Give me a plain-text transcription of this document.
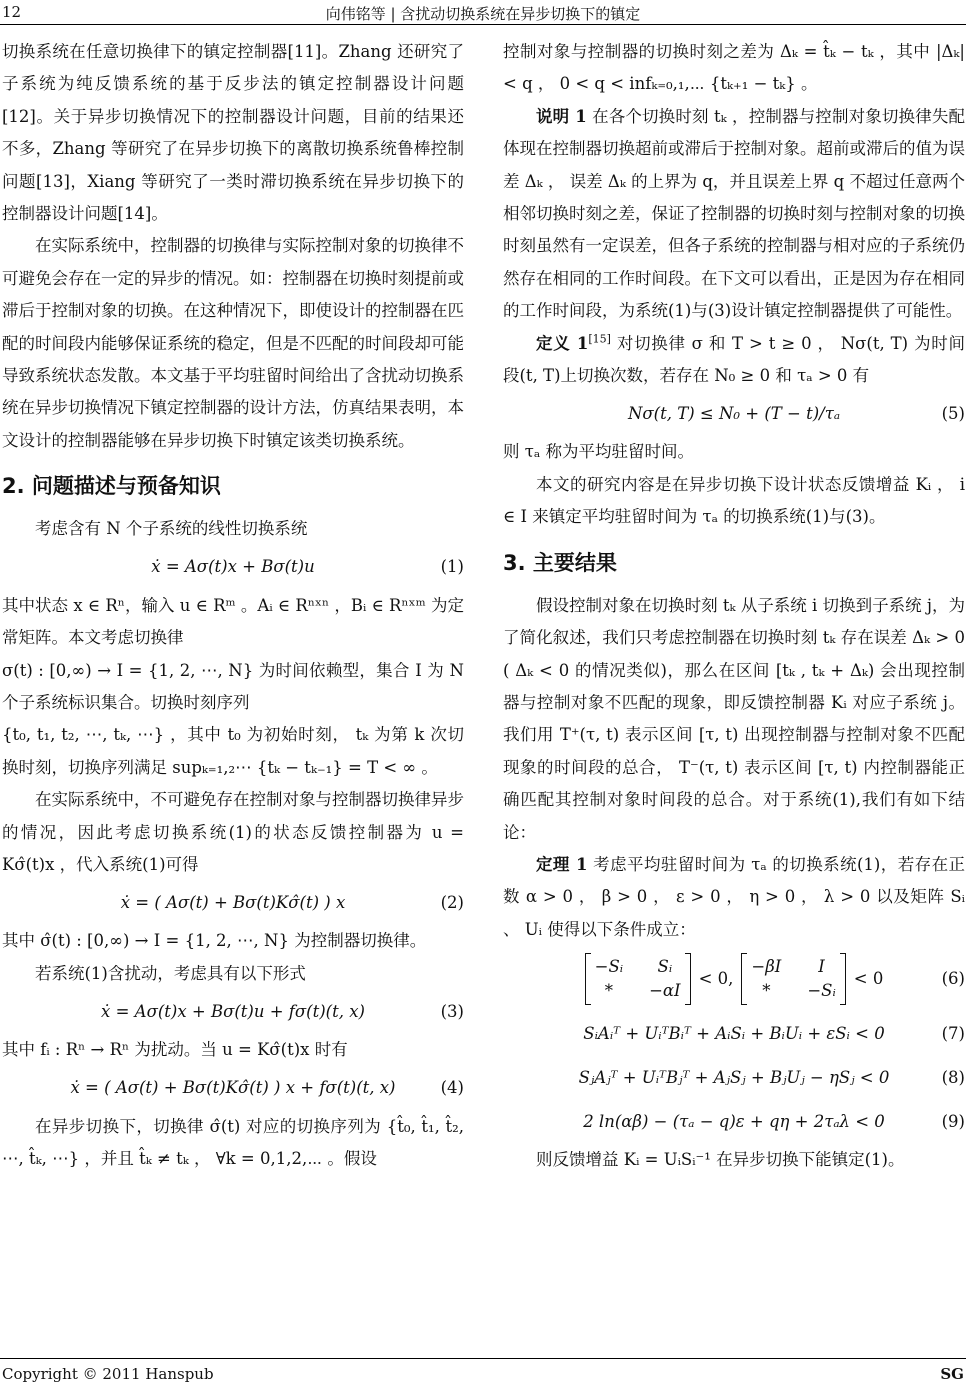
12	向伟铭等 | 含扰动切换系统在异步切换下的镇定

切换系统在任意切换律下的镇定控制器[11]。Zhang 还研究了子系统为纯反馈系统的基于反步法的镇定控制器设计问题[12]。关于异步切换情况下的控制器设计问题，目前的结果还不多，Zhang 等研究了在异步切换下的离散切换系统鲁棒控制问题[13]，Xiang 等研究了一类时滞切换系统在异步切换下的控制器设计问题[14]。

在实际系统中，控制器的切换律与实际控制对象的切换律不可避免会存在一定的异步的情况。如：控制器在切换时刻提前或滞后于控制对象的切换。在这种情况下，即使设计的控制器在匹配的时间段内能够保证系统的稳定，但是不匹配的时间段却可能导致系统状态发散。本文基于平均驻留时间给出了含扰动切换系统在异步切换情况下镇定控制器的设计方法，仿真结果表明，本文设计的控制器能够在异步切换下时镇定该类切换系统。

2. 问题描述与预备知识

考虑含有 N 个子系统的线性切换系统

ẋ = Aσ(t)x + Bσ(t)u	(1)

其中状态 x ∈ Rⁿ，输入 u ∈ Rᵐ 。Aᵢ ∈ Rⁿˣⁿ ，Bᵢ ∈ Rⁿˣᵐ 为定常矩阵。本文考虑切换律

σ(t) : [0,∞) → I = {1, 2, ⋯, N} 为时间依赖型，集合 I 为 N 个子系统标识集合。切换时刻序列

{t₀, t₁, t₂, ⋯, tₖ, ⋯} ，其中 t₀ 为初始时刻， tₖ 为第 k 次切换时刻，切换序列满足 supₖ₌₁,₂⋯ {tₖ − tₖ₋₁} = T < ∞ 。

在实际系统中，不可避免存在控制对象与控制器切换律异步的情况，因此考虑切换系统(1)的状态反馈控制器为 u = Kσ̂(t)x ，代入系统(1)可得

ẋ = ( Aσ(t) + Bσ(t)Kσ̂(t) ) x	(2)

其中 σ̂(t) : [0,∞) → I = {1, 2, ⋯, N} 为控制器切换律。

若系统(1)含扰动，考虑具有以下形式

ẋ = Aσ(t)x + Bσ(t)u + fσ(t)(t, x)	(3)

其中 fᵢ : Rⁿ → Rⁿ 为扰动。当 u = Kσ̂(t)x 时有

ẋ = ( Aσ(t) + Bσ(t)Kσ̂(t) ) x + fσ(t)(t, x)	(4)

在异步切换下，切换律 σ̂(t) 对应的切换序列为 {t̂₀, t̂₁, t̂₂, ⋯, t̂ₖ, ⋯} ，并且 t̂ₖ ≠ tₖ ， ∀k = 0,1,2,⋯ 。假设

控制对象与控制器的切换时刻之差为 Δₖ = t̂ₖ − tₖ ，其中 |Δₖ| < q ， 0 < q < infₖ₌₀,₁,⋯ {tₖ₊₁ − tₖ} 。

说明 1 在各个切换时刻 tₖ ，控制器与控制对象切换律失配体现在控制器切换超前或滞后于控制对象。超前或滞后的值为误差 Δₖ ， 误差 Δₖ 的上界为 q，并且误差上界 q 不超过任意两个相邻切换时刻之差，保证了控制器的切换时刻与控制对象的切换时刻虽然有一定误差，但各子系统的控制器与相对应的子系统仍然存在相同的工作时间段。在下文可以看出，正是因为存在相同的工作时间段，为系统(1)与(3)设计镇定控制器提供了可能性。

定义 1[15] 对切换律 σ 和 T > t ≥ 0 ， Nσ(t, T) 为时间段(t, T)上切换次数，若存在 N₀ ≥ 0 和 τₐ > 0 有

Nσ(t, T) ≤ N₀ + (T − t)/τₐ	(5)

则 τₐ 称为平均驻留时间。

本文的研究内容是在异步切换下设计状态反馈增益 Kᵢ ， i ∈ I 来镇定平均驻留时间为 τₐ 的切换系统(1)与(3)。

3. 主要结果

假设控制对象在切换时刻 tₖ 从子系统 i 切换到子系统 j，为了简化叙述，我们只考虑控制器在切换时刻 tₖ 存在误差 Δₖ > 0 ( Δₖ < 0 的情况类似)，那么在区间 [tₖ , tₖ + Δₖ) 会出现控制器与控制对象不匹配的现象，即反馈控制器 Kᵢ 对应子系统 j。我们用 T⁺(τ, t) 表示区间 [τ, t) 出现控制器与控制对象不匹配现象的时间段的总合， T⁻(τ, t) 表示区间 [τ, t) 内控制器能正确匹配其控制对象时间段的总合。对于系统(1),我们有如下结论：

定理 1 考虑平均驻留时间为 τₐ 的切换系统(1)，若存在正数 α > 0 ， β > 0 ， ε > 0 ， η > 0 ， λ > 0 以及矩阵 Sᵢ 、 Uᵢ 使得以下条件成立：

−Sᵢ	Sᵢ
*	−αI
< 0,
−βI	I
*	−Sᵢ
< 0	(6)
SᵢAᵢᵀ + UᵢᵀBᵢᵀ + AᵢSᵢ + BᵢUᵢ + εSᵢ < 0	(7)
SⱼAⱼᵀ + UᵢᵀBⱼᵀ + AⱼSⱼ + BⱼUⱼ − ηSⱼ < 0	(8)
2 ln(αβ) − (τₐ − q)ε + qη + 2τₐλ < 0	(9)

则反馈增益 Kᵢ = UᵢSᵢ⁻¹ 在异步切换下能镇定(1)。

Copyright © 2011 Hanspub	SG
